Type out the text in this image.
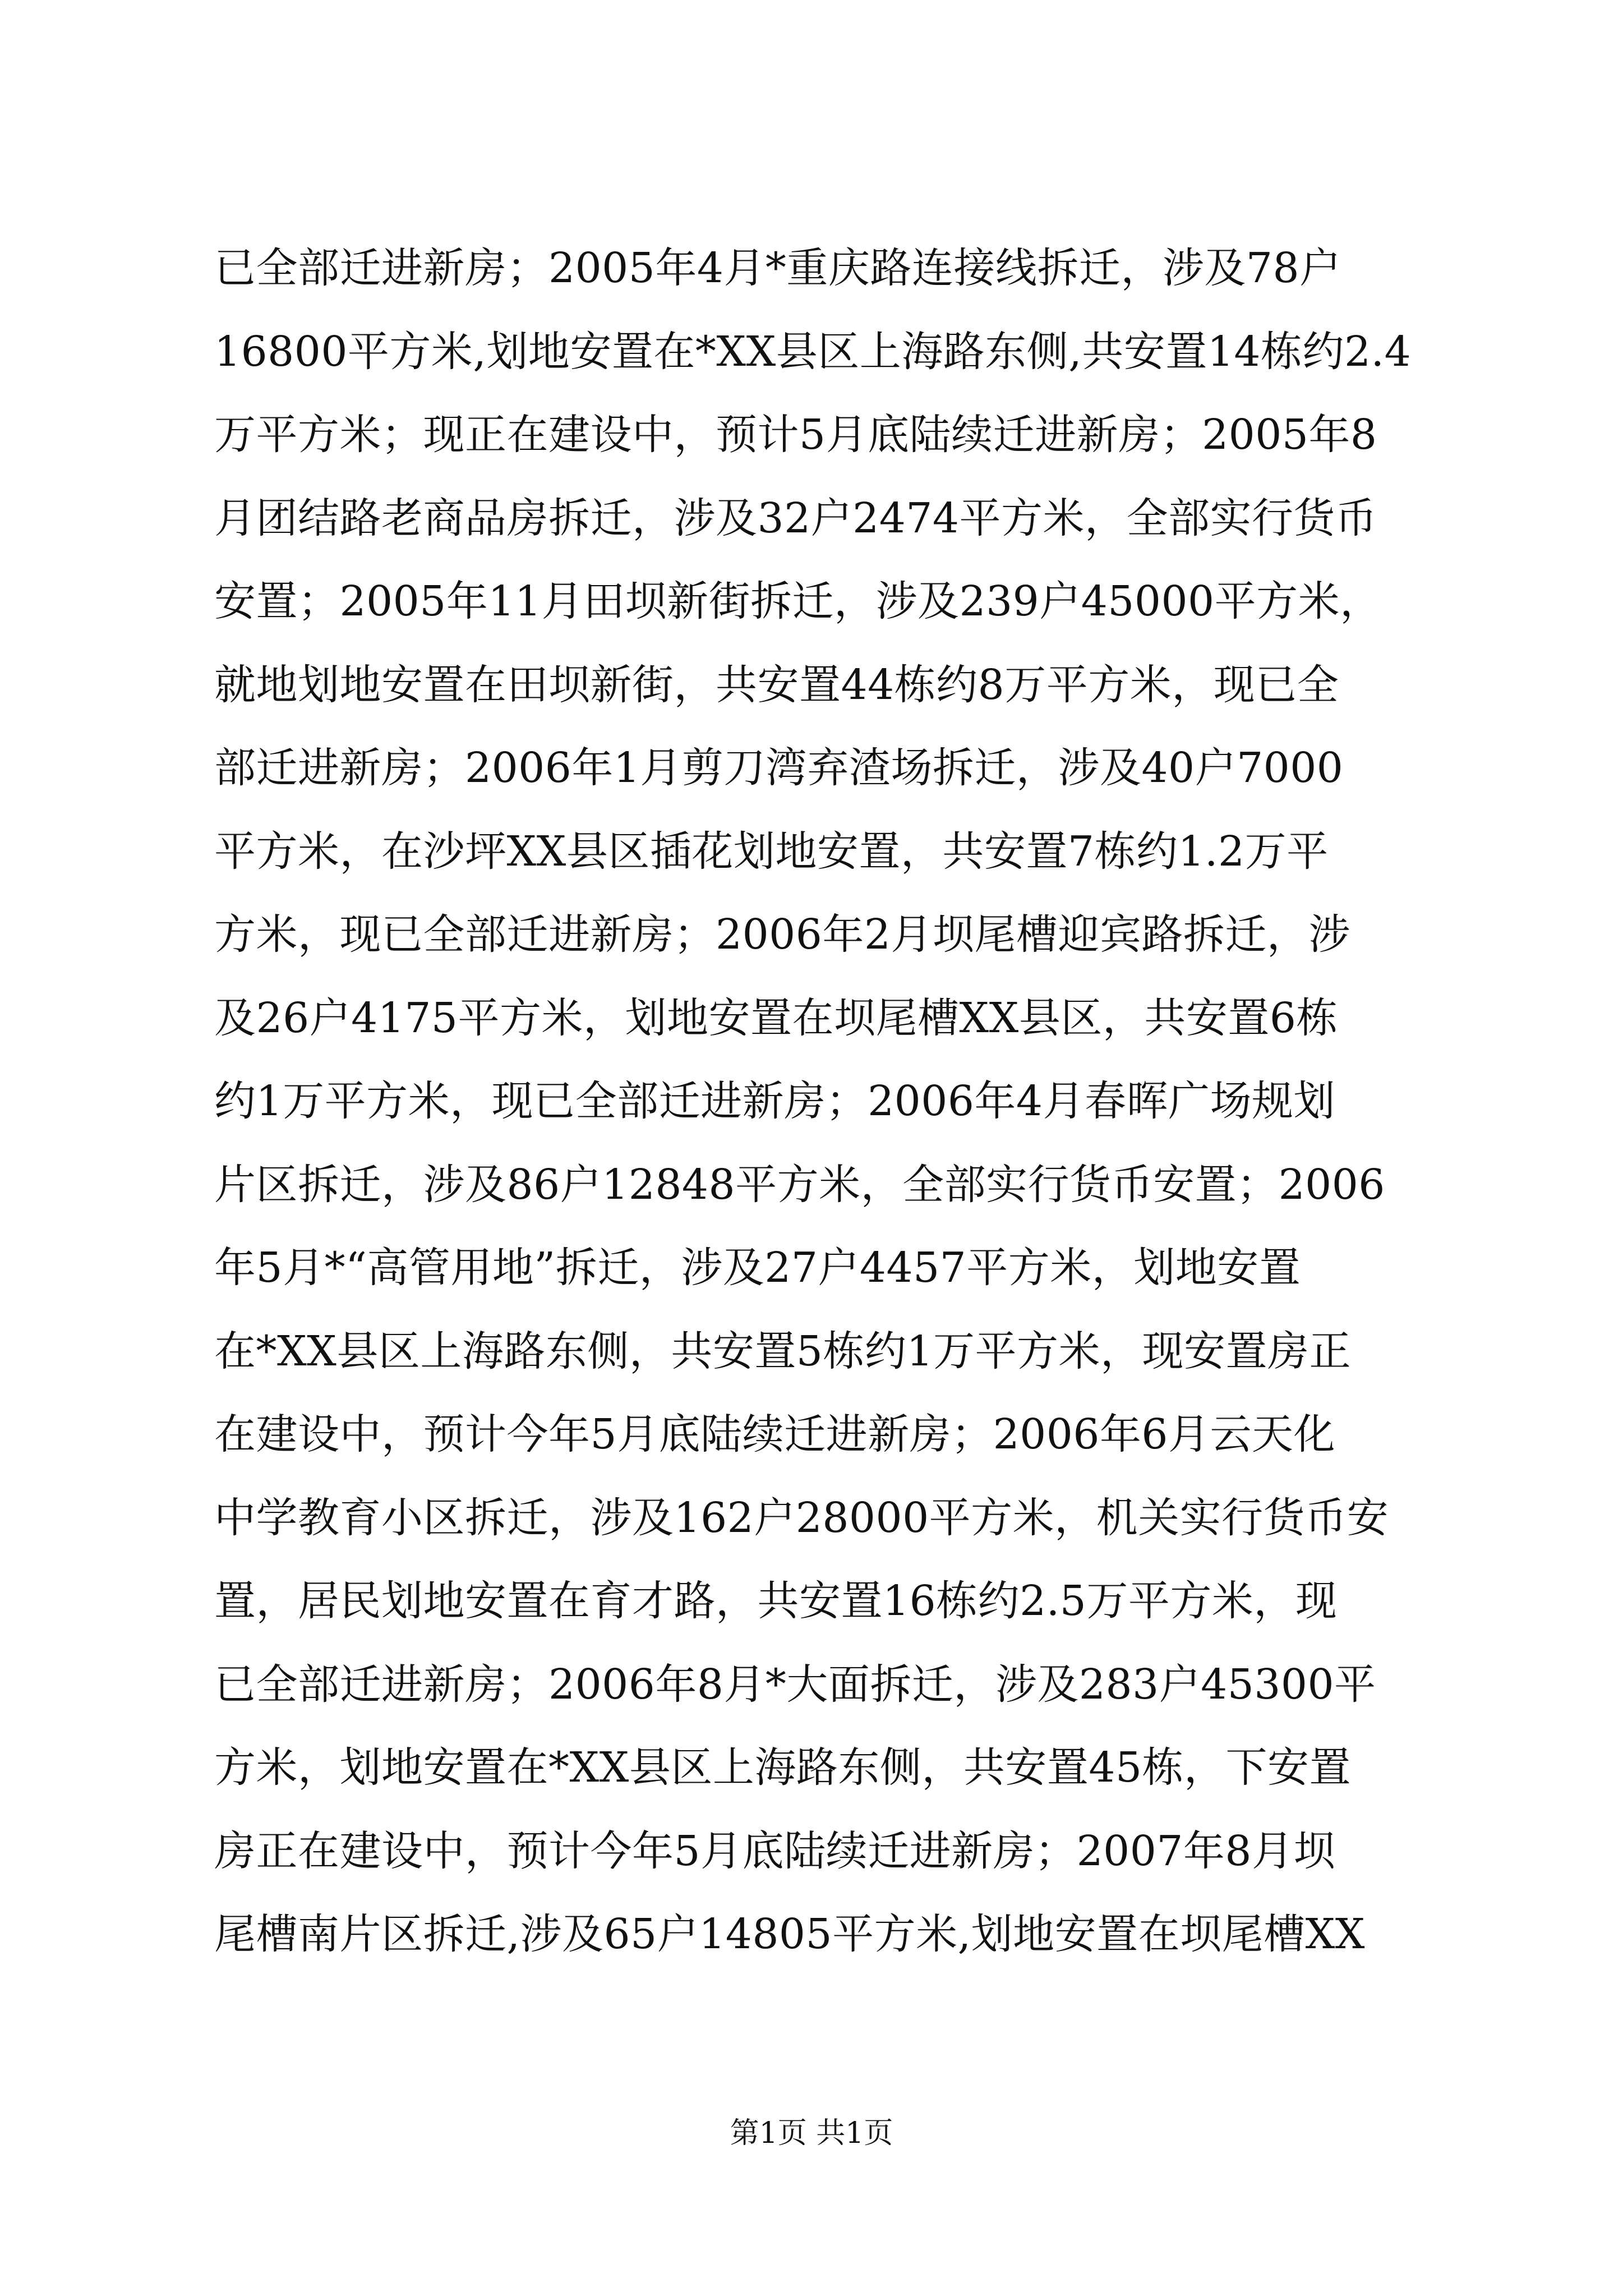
已全部迁进新房；2005年4月*重庆路连接线拆迁，涉及78户
16800平方米,划地安置在*XX县区上海路东侧,共安置14栋约2.4
万平方米；现正在建设中，预计5月底陆续迁进新房；2005年8
月团结路老商品房拆迁，涉及32户2474平方米，全部实行货币
安置；2005年11月田坝新街拆迁，涉及239户45000平方米，
就地划地安置在田坝新街，共安置44栋约8万平方米，现已全
部迁进新房；2006年1月剪刀湾弃渣场拆迁，涉及40户7000
平方米，在沙坪XX县区插花划地安置，共安置7栋约1.2万平
方米，现已全部迁进新房；2006年2月坝尾槽迎宾路拆迁，涉
及26户4175平方米，划地安置在坝尾槽XX县区，共安置6栋
约1万平方米，现已全部迁进新房；2006年4月春晖广场规划
片区拆迁，涉及86户12848平方米，全部实行货币安置；2006
年5月*“高管用地”拆迁，涉及27户4457平方米，划地安置
在*XX县区上海路东侧，共安置5栋约1万平方米，现安置房正
在建设中，预计今年5月底陆续迁进新房；2006年6月云天化
中学教育小区拆迁，涉及162户28000平方米，机关实行货币安
置，居民划地安置在育才路，共安置16栋约2.5万平方米，现
已全部迁进新房；2006年8月*大面拆迁，涉及283户45300平
方米，划地安置在*XX县区上海路东侧，共安置45栋，下安置
房正在建设中，预计今年5月底陆续迁进新房；2007年8月坝
尾槽南片区拆迁,涉及65户14805平方米,划地安置在坝尾槽XX
第1页 共1页
